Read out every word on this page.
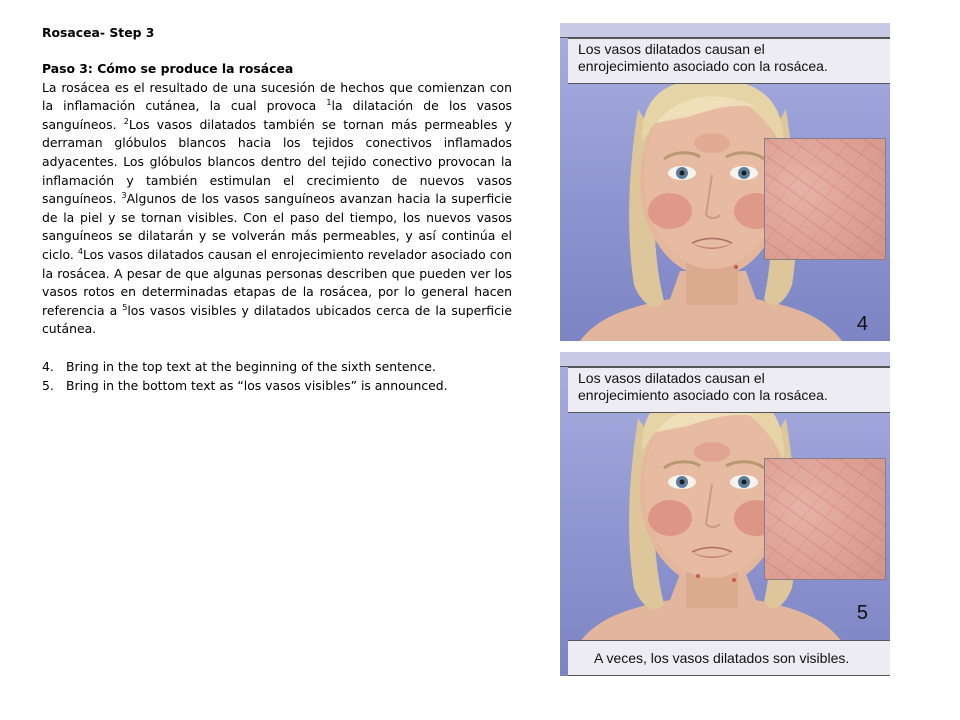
Rosacea- Step 3

Paso 3: Cómo se produce la rosácea

La rosácea es el resultado de una sucesión de hechos que comienzan con la inflamación cutánea, la cual provoca $^1$la dilatación de los vasos sanguíneos. $^2$Los vasos dilatados también se tornan más permeables y derraman glóbulos blancos hacia los tejidos conectivos inflamados adyacentes. Los glóbulos blancos dentro del tejido conectivo provocan la inflamación y también estimulan el crecimiento de nuevos vasos sanguíneos. $^3$Algunos de los vasos sanguíneos avanzan hacia la superficie de la piel y se tornan visibles. Con el paso del tiempo, los nuevos vasos sanguíneos se dilatarán y se volverán más permeables, y así continúa el ciclo. $^4$Los vasos dilatados causan el enrojecimiento revelador asociado con la rosácea. A pesar de que algunas personas describen que pueden ver los vasos rotos en determinadas etapas de la rosácea, por lo general hacen referencia a $^5$los vasos visibles y dilatados ubicados cerca de la superficie cutánea.

4. Bring in the top text at the beginning of the sixth sentence.
5. Bring in the bottom text as “los vasos visibles” is announced.
Los vasos dilatados causan el
enrojecimiento asociado con la rosácea.
4
Los vasos dilatados causan el
enrojecimiento asociado con la rosácea.
5
A veces, los vasos dilatados son visibles.
